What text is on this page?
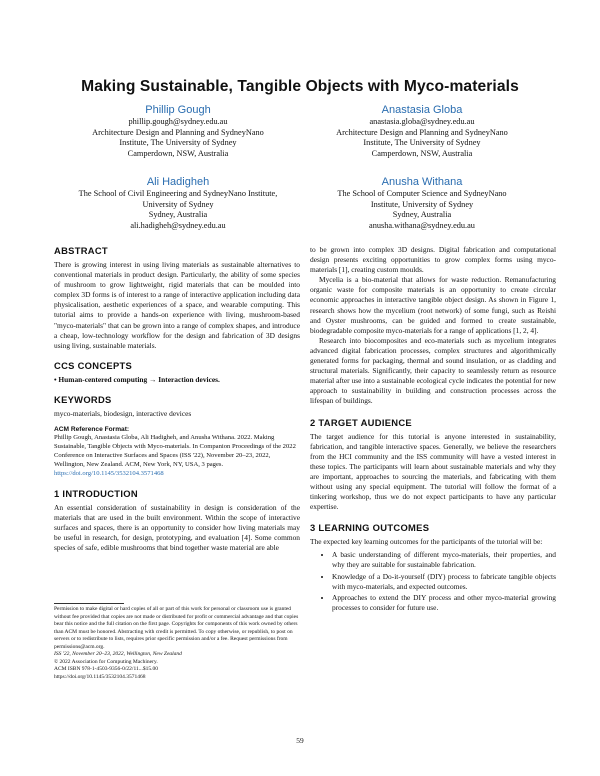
Making Sustainable, Tangible Objects with Myco-materials
Phillip Gough
phillip.gough@sydney.edu.au
Architecture Design and Planning and SydneyNano
Institute, The University of Sydney
Camperdown, NSW, Australia
Anastasia Globa
anastasia.globa@sydney.edu.au
Architecture Design and Planning and SydneyNano
Institute, The University of Sydney
Camperdown, NSW, Australia
Ali Hadigheh
The School of Civil Engineering and SydneyNano Institute,
University of Sydney
Sydney, Australia
ali.hadigheh@sydney.edu.au
Anusha Withana
The School of Computer Science and SydneyNano
Institute, University of Sydney
Sydney, Australia
anusha.withana@sydney.edu.au
ABSTRACT

There is growing interest in using living materials as sustainable alternatives to conventional materials in product design. Particularly, the ability of some species of mushroom to grow lightweight, rigid materials that can be moulded into complex 3D forms is of interest to a range of interactive application including data physicalisation, aesthetic experiences of a space, and wearable computing. This tutorial aims to provide a hands-on experience with living, mushroom-based "myco-materials" that can be grown into a range of complex shapes, and introduce a cheap, low-technology workflow for the design and fabrication of 3D designs using living, sustainable materials.

CCS CONCEPTS

• Human-centered computing → Interaction devices.

KEYWORDS

myco-materials, biodesign, interactive devices

ACM Reference Format:
Phillip Gough, Anastasia Globa, Ali Hadigheh, and Anusha Withana. 2022. Making Sustainable, Tangible Objects with Myco-materials. In Companion Proceedings of the 2022 Conference on Interactive Surfaces and Spaces (ISS '22), November 20–23, 2022, Wellington, New Zealand. ACM, New York, NY, USA, 3 pages. https://doi.org/10.1145/3532104.3571468
1 INTRODUCTION

An essential consideration of sustainability in design is consideration of the materials that are used in the built environment. Within the scope of interactive surfaces and spaces, there is an opportunity to consider how living materials may be useful in research, for design, prototyping, and evaluation [4]. Some common species of safe, edible mushrooms that bind together waste material are able

Permission to make digital or hard copies of all or part of this work for personal or classroom use is granted without fee provided that copies are not made or distributed for profit or commercial advantage and that copies bear this notice and the full citation on the first page. Copyrights for components of this work owned by others than ACM must be honored. Abstracting with credit is permitted. To copy otherwise, or republish, to post on servers or to redistribute to lists, requires prior specific permission and/or a fee. Request permissions from permissions@acm.org.

ISS '22, November 20–23, 2022, Wellington, New Zealand

© 2022 Association for Computing Machinery.

ACM ISBN 978-1-4503-9356-0/22/11...$15.00

https://doi.org/10.1145/3532104.3571468

to be grown into complex 3D designs. Digital fabrication and computational design presents exciting opportunities to grow complex forms using myco-materials [1], creating custom moulds.

Mycelia is a bio-material that allows for waste reduction. Remanufacturing organic waste for composite materials is an opportunity to create circular economic approaches in interactive tangible object design. As shown in Figure 1, research shows how the mycelium (root network) of some fungi, such as Reishi and Oyster mushrooms, can be guided and formed to create sustainable, biodegradable composite myco-materials for a range of applications [1, 2, 4].

Research into biocomposites and eco-materials such as mycelium integrates advanced digital fabrication processes, complex structures and algorithmically generated forms for packaging, thermal and sound insulation, or as cladding and structural materials. Significantly, their capacity to seamlessly return as resource material after use into a sustainable ecological cycle indicates the potential for new approach to sustainability in building and construction processes across the lifespan of buildings.

2 TARGET AUDIENCE

The target audience for this tutorial is anyone interested in sustainability, fabrication, and tangible interactive spaces. Generally, we believe the researchers from the HCI community and the ISS community will have a vested interest in these topics. The participants will learn about sustainable materials and why they are important, approaches to sourcing the materials, and fabricating with them without using any special equipment. The tutorial will follow the format of a tinkering workshop, thus we do not expect participants to have any particular expertise.

3 LEARNING OUTCOMES

The expected key learning outcomes for the participants of the tutorial will be:

• A basic understanding of different myco-materials, their properties, and why they are suitable for sustainable fabrication.
• Knowledge of a Do-it-yourself (DIY) process to fabricate tangible objects with myco-materials, and expected outcomes.
• Approaches to extend the DIY process and other myco-material growing processes to consider for future use.
59
